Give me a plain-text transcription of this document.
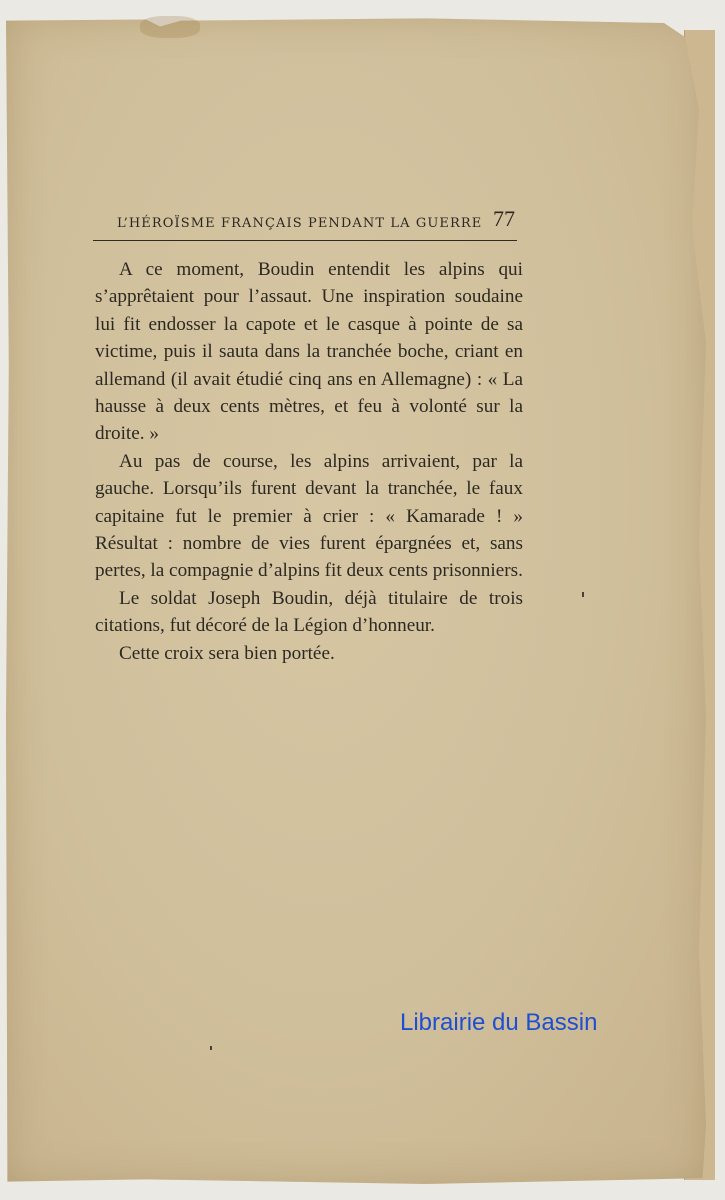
L’HÉROÏSME FRANÇAIS PENDANT LA GUERRE 77

A ce moment, Boudin entendit les alpins qui s’apprêtaient pour l’assaut. Une inspiration soudaine lui fit endosser la capote et le casque à pointe de sa victime, puis il sauta dans la tranchée boche, criant en allemand (il avait étudié cinq ans en Allemagne) : « La hausse à deux cents mètres, et feu à volonté sur la droite. »

Au pas de course, les alpins arrivaient, par la gauche. Lorsqu’ils furent devant la tranchée, le faux capitaine fut le premier à crier : « Kamarade ! » Résultat : nombre de vies furent épargnées et, sans pertes, la compagnie d’alpins fit deux cents prisonniers.

Le soldat Joseph Boudin, déjà titulaire de trois citations, fut décoré de la Légion d’honneur.

Cette croix sera bien portée.

Librairie du Bassin
